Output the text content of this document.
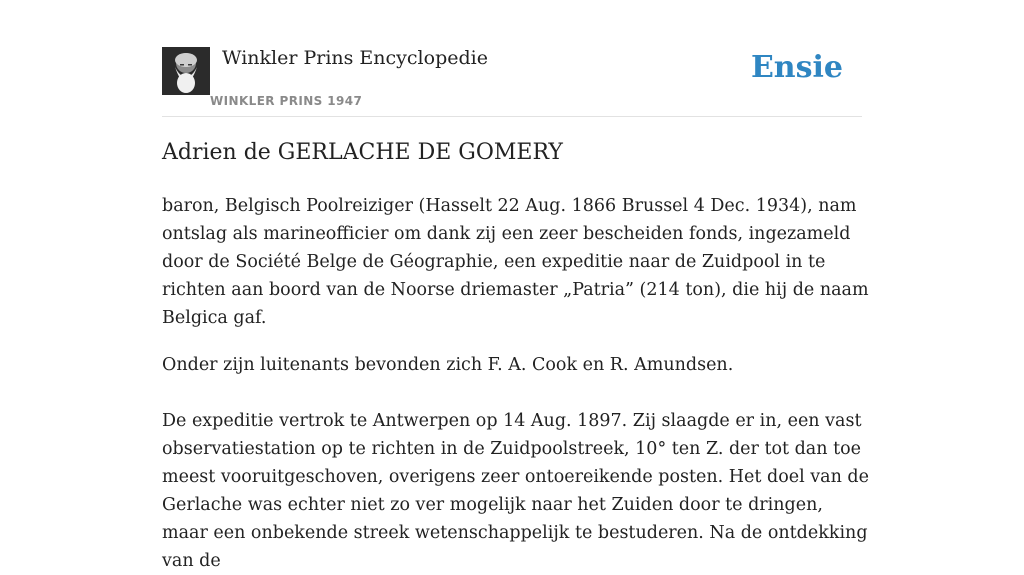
Winkler Prins Encyclopedie
WINKLER PRINS 1947
Ensie
Adrien de GERLACHE DE GOMERY

baron, Belgisch Poolreiziger (Hasselt 22 Aug. 1866 Brussel 4 Dec. 1934), nam ontslag als marineofficier om dank zij een zeer bescheiden fonds, ingezameld door de Société Belge de Géographie, een expeditie naar de Zuidpool in te richten aan boord van de Noorse driemaster „Patria” (214 ton), die hij de naam Belgica gaf.

Onder zijn luitenants bevonden zich F. A. Cook en R. Amundsen.

De expeditie vertrok te Antwerpen op 14 Aug. 1897. Zij slaagde er in, een vast observatiestation op te richten in de Zuidpoolstreek, 10° ten Z. der tot dan toe meest vooruitgeschoven, overigens zeer ontoereikende posten. Het doel van de Gerlache was echter niet zo ver mogelijk naar het Zuiden door te dringen, maar een onbekende streek wetenschappelijk te bestuderen. Na de ontdekking van de
